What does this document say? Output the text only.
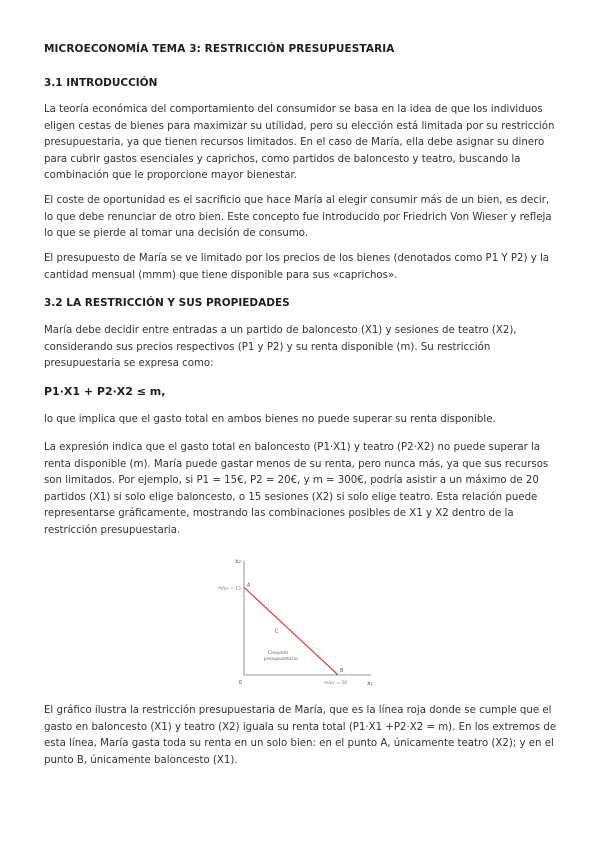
MICROECONOMÍA TEMA 3: RESTRICCIÓN PRESUPUESTARIA
3.1 INTRODUCCIÓN

La teoría económica del comportamiento del consumidor se basa en la idea de que los individuos eligen cestas de bienes para maximizar su utilidad, pero su elección está limitada por su restricción presupuestaria, ya que tienen recursos limitados. En el caso de María, ella debe asignar su dinero para cubrir gastos esenciales y caprichos, como partidos de baloncesto y teatro, buscando la combinación que le proporcione mayor bienestar.

El coste de oportunidad es el sacrificio que hace María al elegir consumir más de un bien, es decir, lo que debe renunciar de otro bien. Este concepto fue introducido por Friedrich Von Wieser y refleja lo que se pierde al tomar una decisión de consumo.

El presupuesto de María se ve limitado por los precios de los bienes (denotados como P1 Y P2) y la cantidad mensual (mmm) que tiene disponible para sus «caprichos».

3.2 LA RESTRICCIÓN Y SUS PROPIEDADES

María debe decidir entre entradas a un partido de baloncesto (X1) y sesiones de teatro (X2), considerando sus precios respectivos (P1 y P2) y su renta disponible (m). Su restricción presupuestaria se expresa como:

P1·X1 + P2·X2 ≤ m,

lo que implica que el gasto total en ambos bienes no puede superar su renta disponible.

La expresión indica que el gasto total en baloncesto (P1·X1) y teatro (P2·X2) no puede superar la renta disponible (m). María puede gastar menos de su renta, pero nunca más, ya que sus recursos son limitados. Por ejemplo, si P1 = 15€, P2 = 20€, y m = 300€, podría asistir a un máximo de 20 partidos (X1) si solo elige baloncesto, o 15 sesiones (X2) si solo elige teatro. Esta relación puede representarse gráficamente, mostrando las combinaciones posibles de X1 y X2 dentro de la restricción presupuestaria.

x₁
x₂
0
m/p₂ = 15
m/p₁ = 20
A
B
C
Conjunto
presupuestario

El gráfico ilustra la restricción presupuestaria de María, que es la línea roja donde se cumple que el gasto en baloncesto (X1) y teatro (X2) iguala su renta total (P1·X1 +P2·X2 = m). En los extremos de esta línea, María gasta toda su renta en un solo bien: en el punto A, únicamente teatro (X2); y en el punto B, únicamente baloncesto (X1).
